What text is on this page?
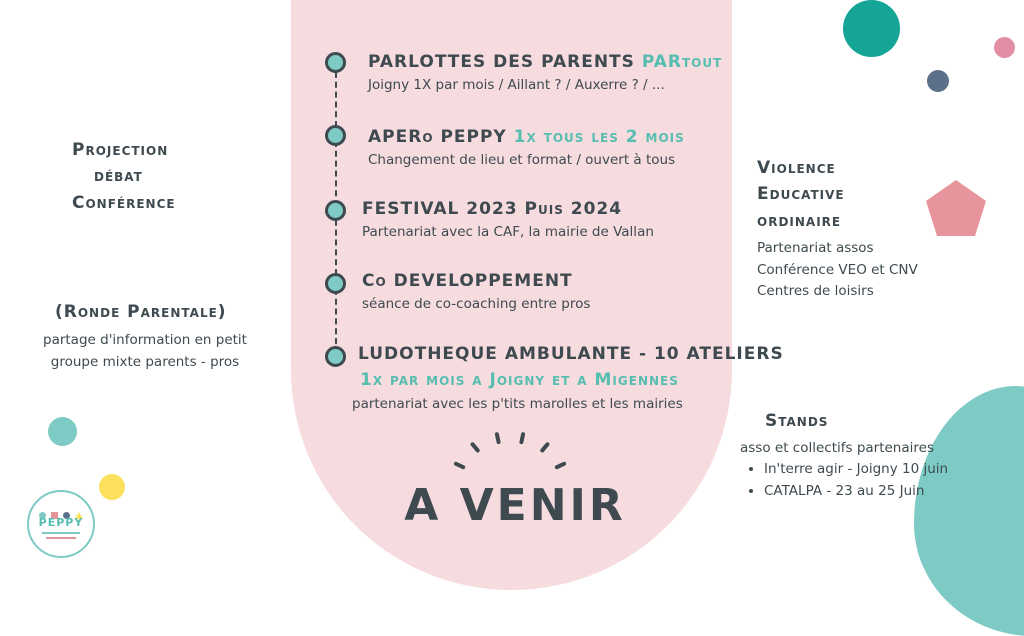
PEPPY
Projection
débat
Conférence
(Ronde Parentale)
partage d'information en petit groupe mixte parents - pros
PARLOTTES DES PARENTS PARtout
Joigny 1X par mois / Aillant ? / Auxerre ? / ...
APERo PEPPY 1x tous les 2 mois
Changement de lieu et format / ouvert à tous
FESTIVAL 2023 Puis 2024
Partenariat avec la CAF, la mairie de Vallan
Co DEVELOPPEMENT
séance de co-coaching entre pros
LUDOTHEQUE AMBULANTE - 10 ATELIERS
1x par mois a Joigny et a Migennes
partenariat avec les p'tits marolles et les mairies
A VENIR
Violence
Educative
ordinaire
Partenariat assos
Conférence VEO et CNV
Centres de loisirs
Stands
asso et collectifs partenaires
• In'terre agir - Joigny 10 juin
• CATALPA - 23 au 25 Juin
